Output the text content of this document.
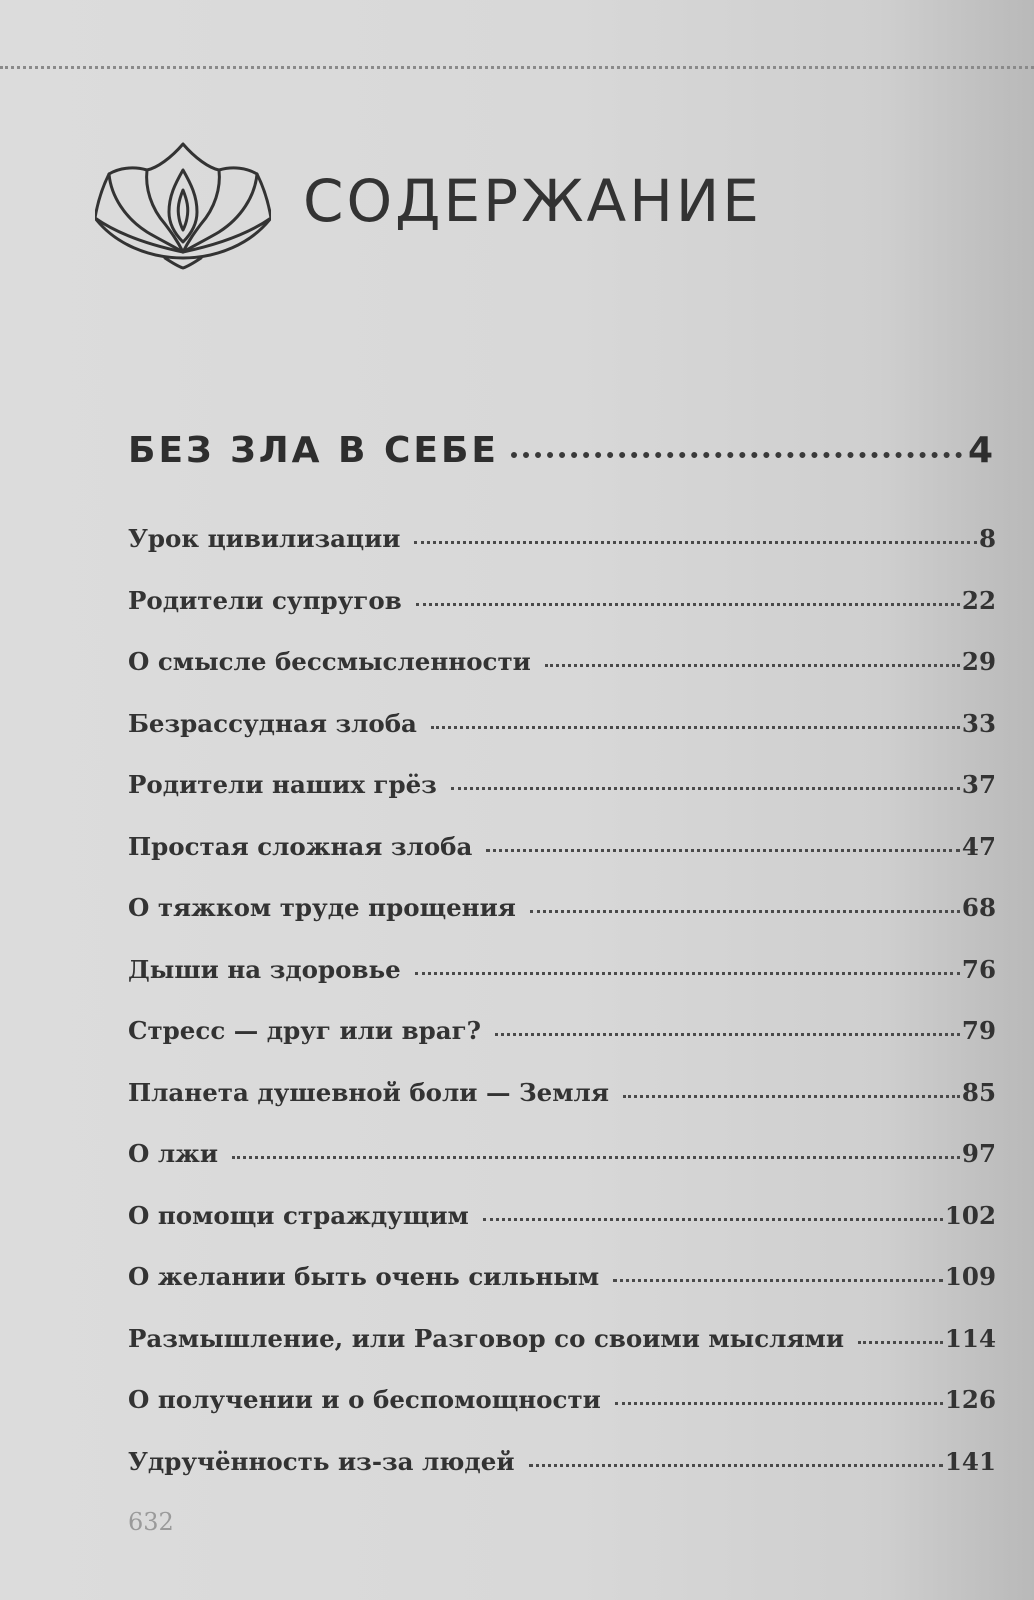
СОДЕРЖАНИЕ
БЕЗ ЗЛА В СЕБЕ	4
Урок цивилизации	8
Родители супругов	22
О смысле бессмысленности	29
Безрассудная злоба	33
Родители наших грёз	37
Простая сложная злоба	47
О тяжком труде прощения	68
Дыши на здоровье	76
Стресс — друг или враг?	79
Планета душевной боли — Земля	85
О лжи	97
О помощи страждущим	102
О желании быть очень сильным	109
Размышление, или Разговор со своими мыслями	114
О получении и о беспомощности	126
Удручённость из-за людей	141
632
